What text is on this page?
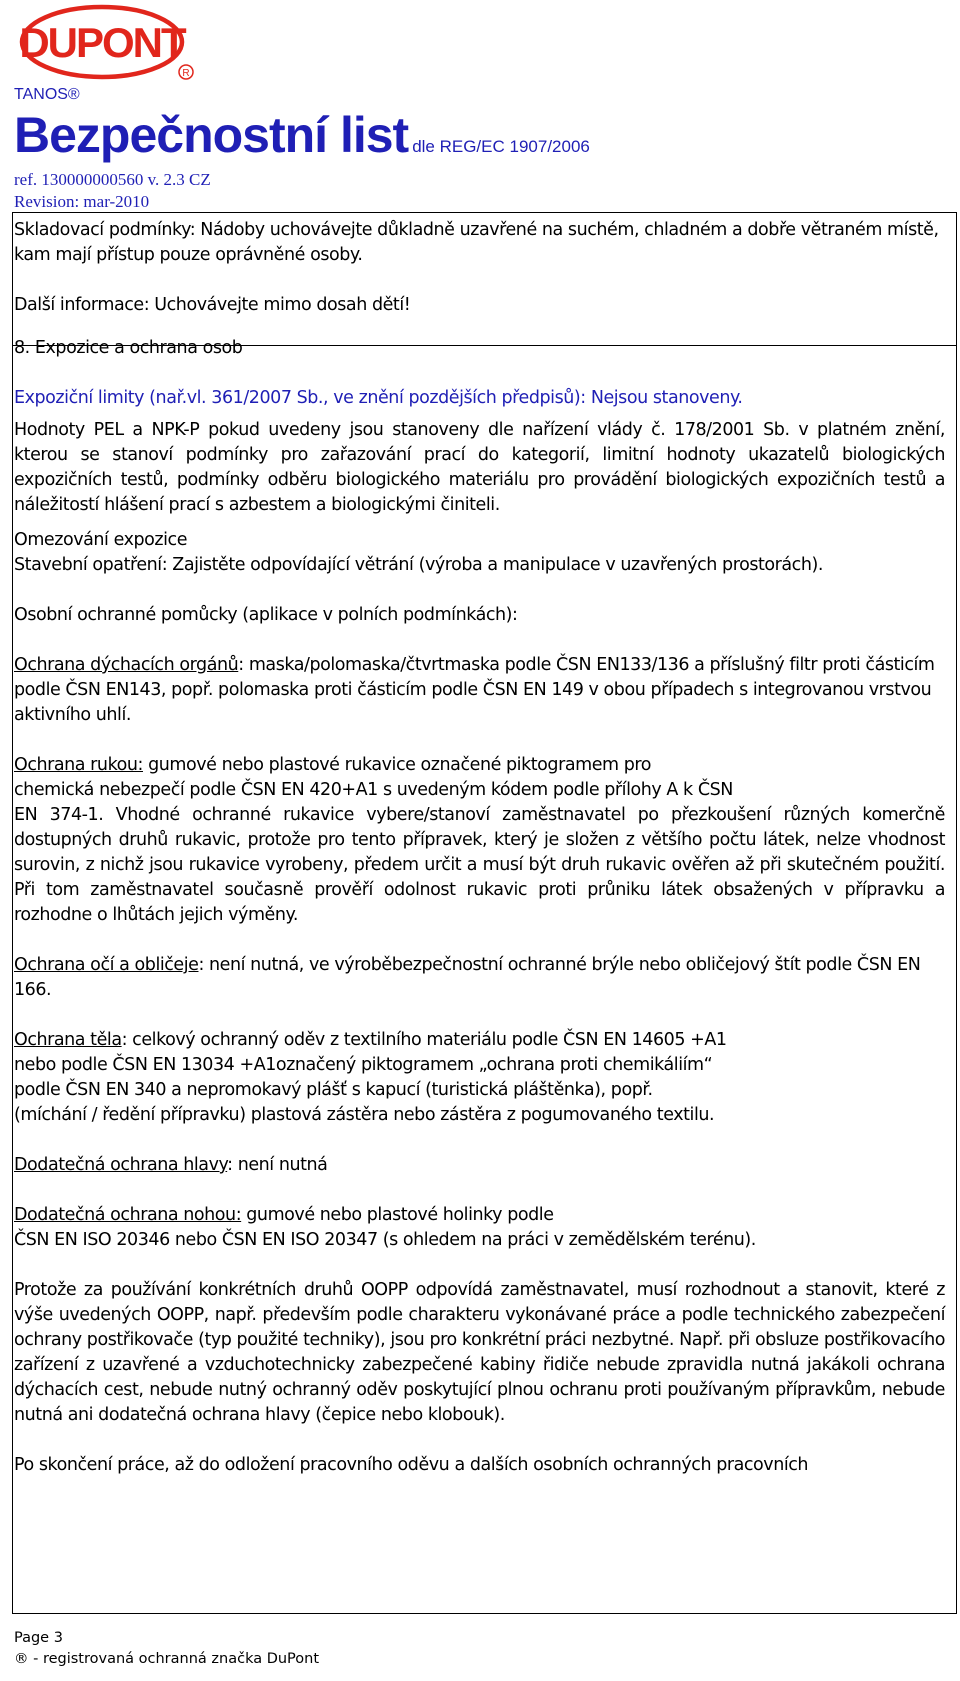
DUPONT
R
TANOS®
Bezpečnostní list dle REG/EC 1907/2006
ref. 130000000560 v. 2.3 CZ
Revision: mar-2010

Skladovací podmínky: Nádoby uchovávejte důkladně uzavřené na suchém, chladném a dobře větraném místě, kam mají přístup pouze oprávněné osoby.

Další informace: Uchovávejte mimo dosah dětí!

8. Expozice a ochrana osob

Expoziční limity (nař.vl. 361/2007 Sb., ve znění pozdějších předpisů): Nejsou stanoveny.

Hodnoty PEL a NPK-P pokud uvedeny jsou stanoveny dle nařízení vlády č. 178/2001 Sb. v platném znění, kterou se stanoví podmínky pro zařazování prací do kategorií, limitní hodnoty ukazatelů biologických expozičních testů, podmínky odběru biologického materiálu pro provádění biologických expozičních testů a náležitostí hlášení prací s azbestem a biologickými činiteli.

Omezování expozice

Stavební opatření: Zajistěte odpovídající větrání (výroba a manipulace v uzavřených prostorách).

Osobní ochranné pomůcky (aplikace v polních podmínkách):

Ochrana dýchacích orgánů: maska/polomaska/čtvrtmaska podle ČSN EN133/136 a příslušný filtr proti částicím podle ČSN EN143, popř. polomaska proti částicím podle ČSN EN 149 v obou případech s integrovanou vrstvou aktivního uhlí.

Ochrana rukou: gumové nebo plastové rukavice označené piktogramem pro

chemická nebezpečí podle ČSN EN 420+A1 s uvedeným kódem podle přílohy A k ČSN

EN 374-1. Vhodné ochranné rukavice vybere/stanoví zaměstnavatel po přezkoušení různých komerčně dostupných druhů rukavic, protože pro tento přípravek, který je složen z většího počtu látek, nelze vhodnost surovin, z nichž jsou rukavice vyrobeny, předem určit a musí být druh rukavic ověřen až při skutečném použití. Při tom zaměstnavatel současně prověří odolnost rukavic proti průniku látek obsažených v přípravku a rozhodne o lhůtách jejich výměny.

Ochrana očí a obličeje: není nutná, ve výroběbezpečnostní ochranné brýle nebo obličejový štít podle ČSN EN 166.

Ochrana těla: celkový ochranný oděv z textilního materiálu podle ČSN EN 14605 +A1

nebo podle ČSN EN 13034 +A1označený piktogramem „ochrana proti chemikáliím“

podle ČSN EN 340 a nepromokavý plášť s kapucí (turistická pláštěnka), popř.

(míchání / ředění přípravku) plastová zástěra nebo zástěra z pogumovaného textilu.

Dodatečná ochrana hlavy: není nutná

Dodatečná ochrana nohou: gumové nebo plastové holinky podle

ČSN EN ISO 20346 nebo ČSN EN ISO 20347 (s ohledem na práci v zemědělském terénu).

Protože za používání konkrétních druhů OOPP odpovídá zaměstnavatel, musí rozhodnout a stanovit, které z výše uvedených OOPP, např. především podle charakteru vykonávané práce a podle technického zabezpečení ochrany postřikovače (typ použité techniky), jsou pro konkrétní práci nezbytné. Např. při obsluze postřikovacího zařízení z uzavřené a vzduchotechnicky zabezpečené kabiny řidiče nebude zpravidla nutná jakákoli ochrana dýchacích cest, nebude nutný ochranný oděv poskytující plnou ochranu proti používaným přípravkům, nebude nutná ani dodatečná ochrana hlavy (čepice nebo klobouk).

Po skončení práce, až do odložení pracovního oděvu a dalších osobních ochranných pracovních

Page 3
® - registrovaná ochranná značka DuPont
